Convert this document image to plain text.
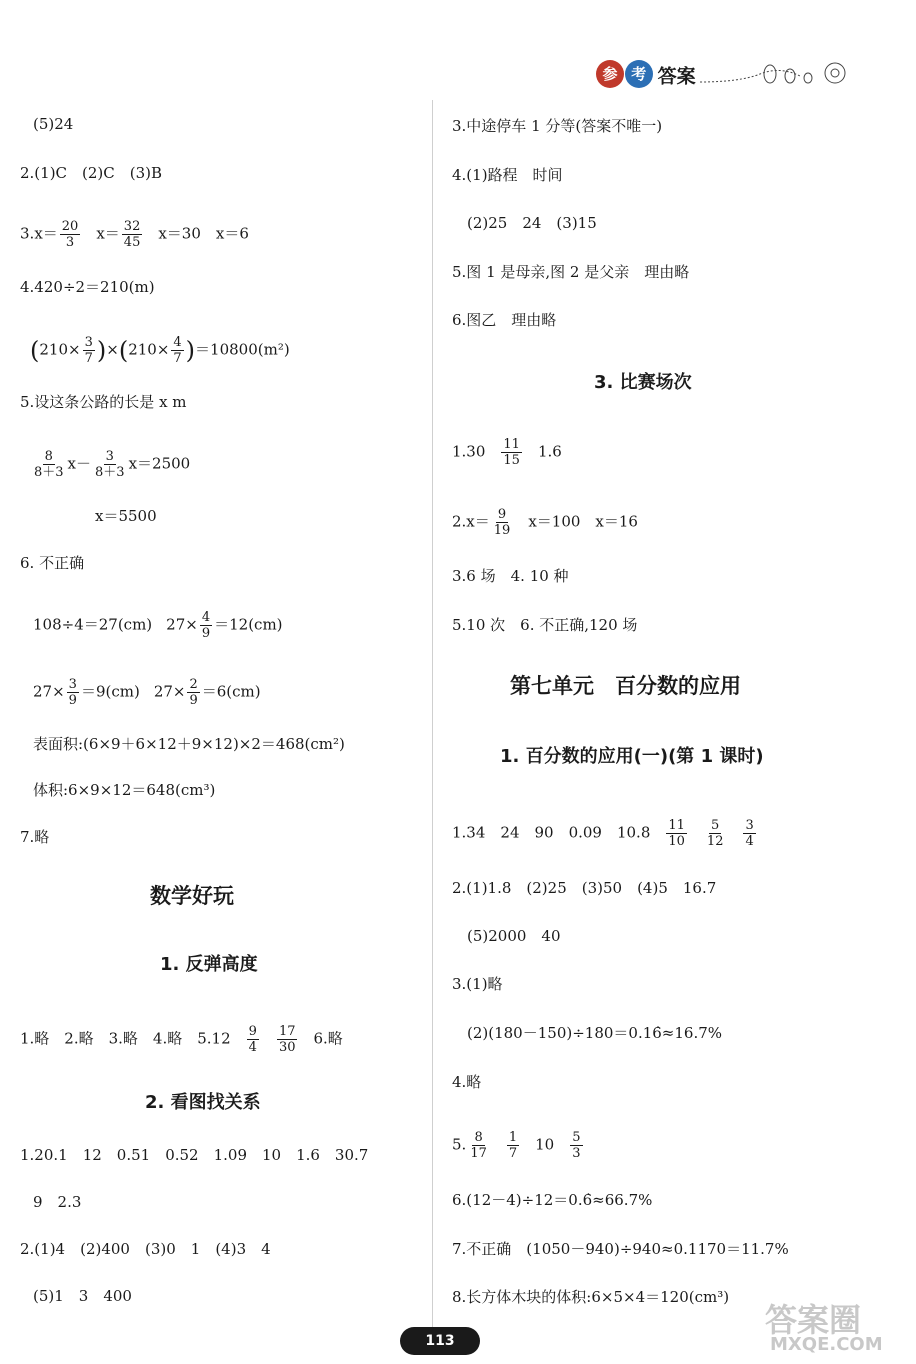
参 考 答案
(5)24
2.(1)C　(2)C　(3)B
$3.x= \frac{20}{3} x= \frac{32}{45} x=30$　x＝6
4.420÷2＝210(m)
$(210\times \frac{3}{7} )\times(210\times \frac{4}{7} )=10800(m^2)$
5.设这条公路的长是 x m
$\frac{8}{8+3} x- \frac{3}{8+3} x=2500$
x＝5500
6. 不正确
108÷4＝27(cm) $27\times \frac{4}{9} =12(cm)$
$27\times \frac{3}{9} =9(cm)$ $27\times \frac{2}{9} =6(cm)$
表面积:(6×9＋6×12＋9×12)×2＝468(cm²)
体积:6×9×12＝648(cm³)
7.略
数学好玩
1. 反弹高度
1.略　2.略　3.略　4.略　$5.12 \frac{9}{4} \frac{17}{30} 6$.略
2. 看图找关系
1.20.1　12　0.51　0.52　1.09　10　1.6　30.7
9　2.3
2.(1)4　(2)400　(3)0　1　(4)3　4
(5)1　3　400
3.中途停车 1 分等(答案不唯一)
4.(1)路程　时间
(2)25　24　(3)15
5.图 1 是母亲,图 2 是父亲　理由略
6.图乙　理由略
3. 比赛场次
$1.30 \frac{11}{15} 1.6$
$2.x= \frac{9}{19} x=100$　x＝16
3.6 场　4. 10 种
5.10 次　6. 不正确,120 场
第七单元　百分数的应用
1. 百分数的应用(一)(第 1 课时)
1.34　24　90　0.09　$10.8 \frac{11}{10} \frac{5}{12} \frac{3}{4}$
2.(1)1.8　(2)25　(3)50　(4)5　16.7
(5)2000　40
3.(1)略
(2)(180－150)÷180＝0.16̇≈16.7%
4.略
5. $\frac{8}{17} \frac{1}{7} 10 \frac{5}{3}$
6.(12－4)÷12＝0.6̇≈66.7%
7.不正确　(1050－940)÷940≈0.1170＝11.7%
8.长方体木块的体积:6×5×4＝120(cm³)
113
答案圈
MXQE.COM
